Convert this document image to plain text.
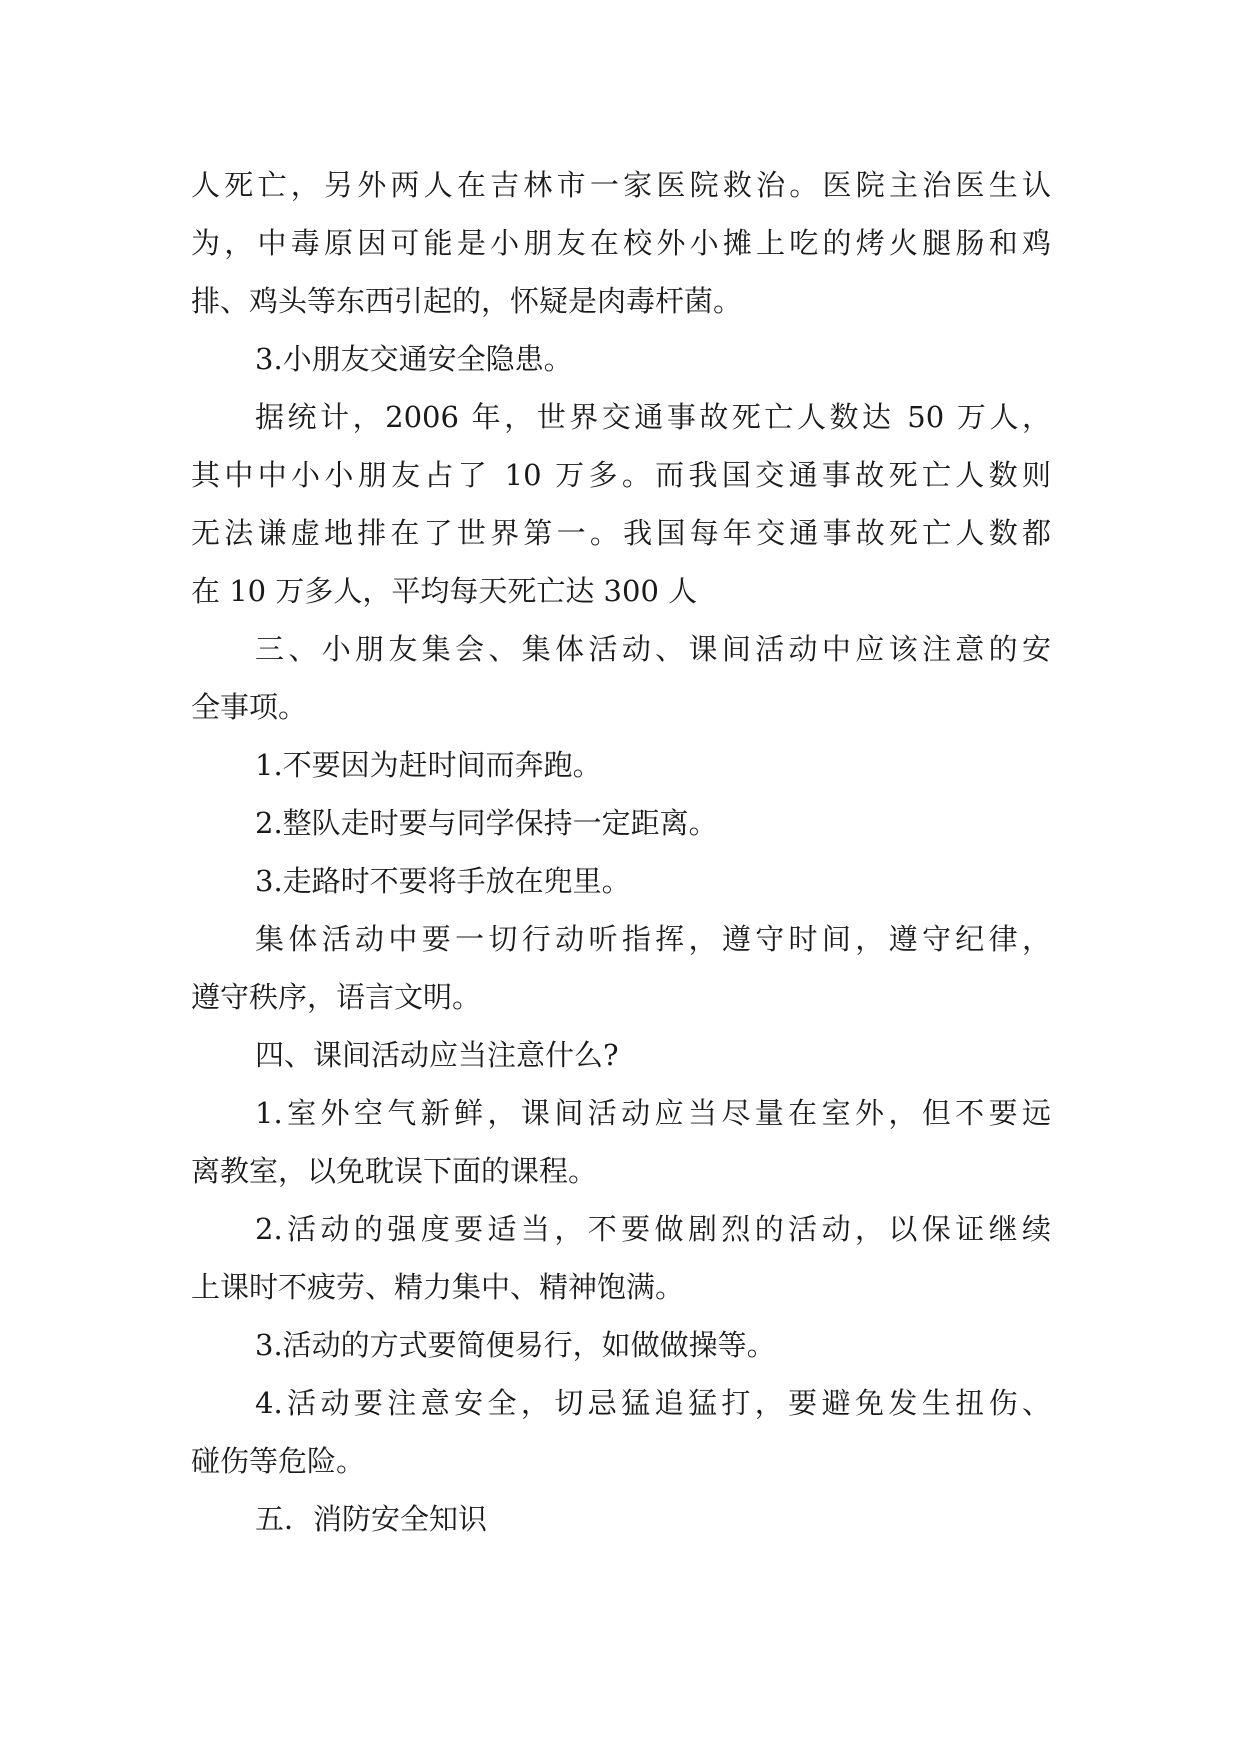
人死亡，另外两人在吉林市一家医院救治。医院主治医生认

为，中毒原因可能是小朋友在校外小摊上吃的烤火腿肠和鸡

排、鸡头等东西引起的，怀疑是肉毒杆菌。

3.小朋友交通安全隐患。

据统计，2006 年，世界交通事故死亡人数达 50 万人，

其中中小小朋友占了 10 万多。而我国交通事故死亡人数则

无法谦虚地排在了世界第一。我国每年交通事故死亡人数都

在 10 万多人，平均每天死亡达 300 人

三、小朋友集会、集体活动、课间活动中应该注意的安

全事项。

1.不要因为赶时间而奔跑。

2.整队走时要与同学保持一定距离。

3.走路时不要将手放在兜里。

集体活动中要一切行动听指挥，遵守时间，遵守纪律，

遵守秩序，语言文明。

四、课间活动应当注意什么?

1.室外空气新鲜，课间活动应当尽量在室外，但不要远

离教室，以免耽误下面的课程。

2.活动的强度要适当，不要做剧烈的活动，以保证继续

上课时不疲劳、精力集中、精神饱满。

3.活动的方式要简便易行，如做做操等。

4.活动要注意安全，切忌猛追猛打，要避免发生扭伤、

碰伤等危险。

五．消防安全知识
